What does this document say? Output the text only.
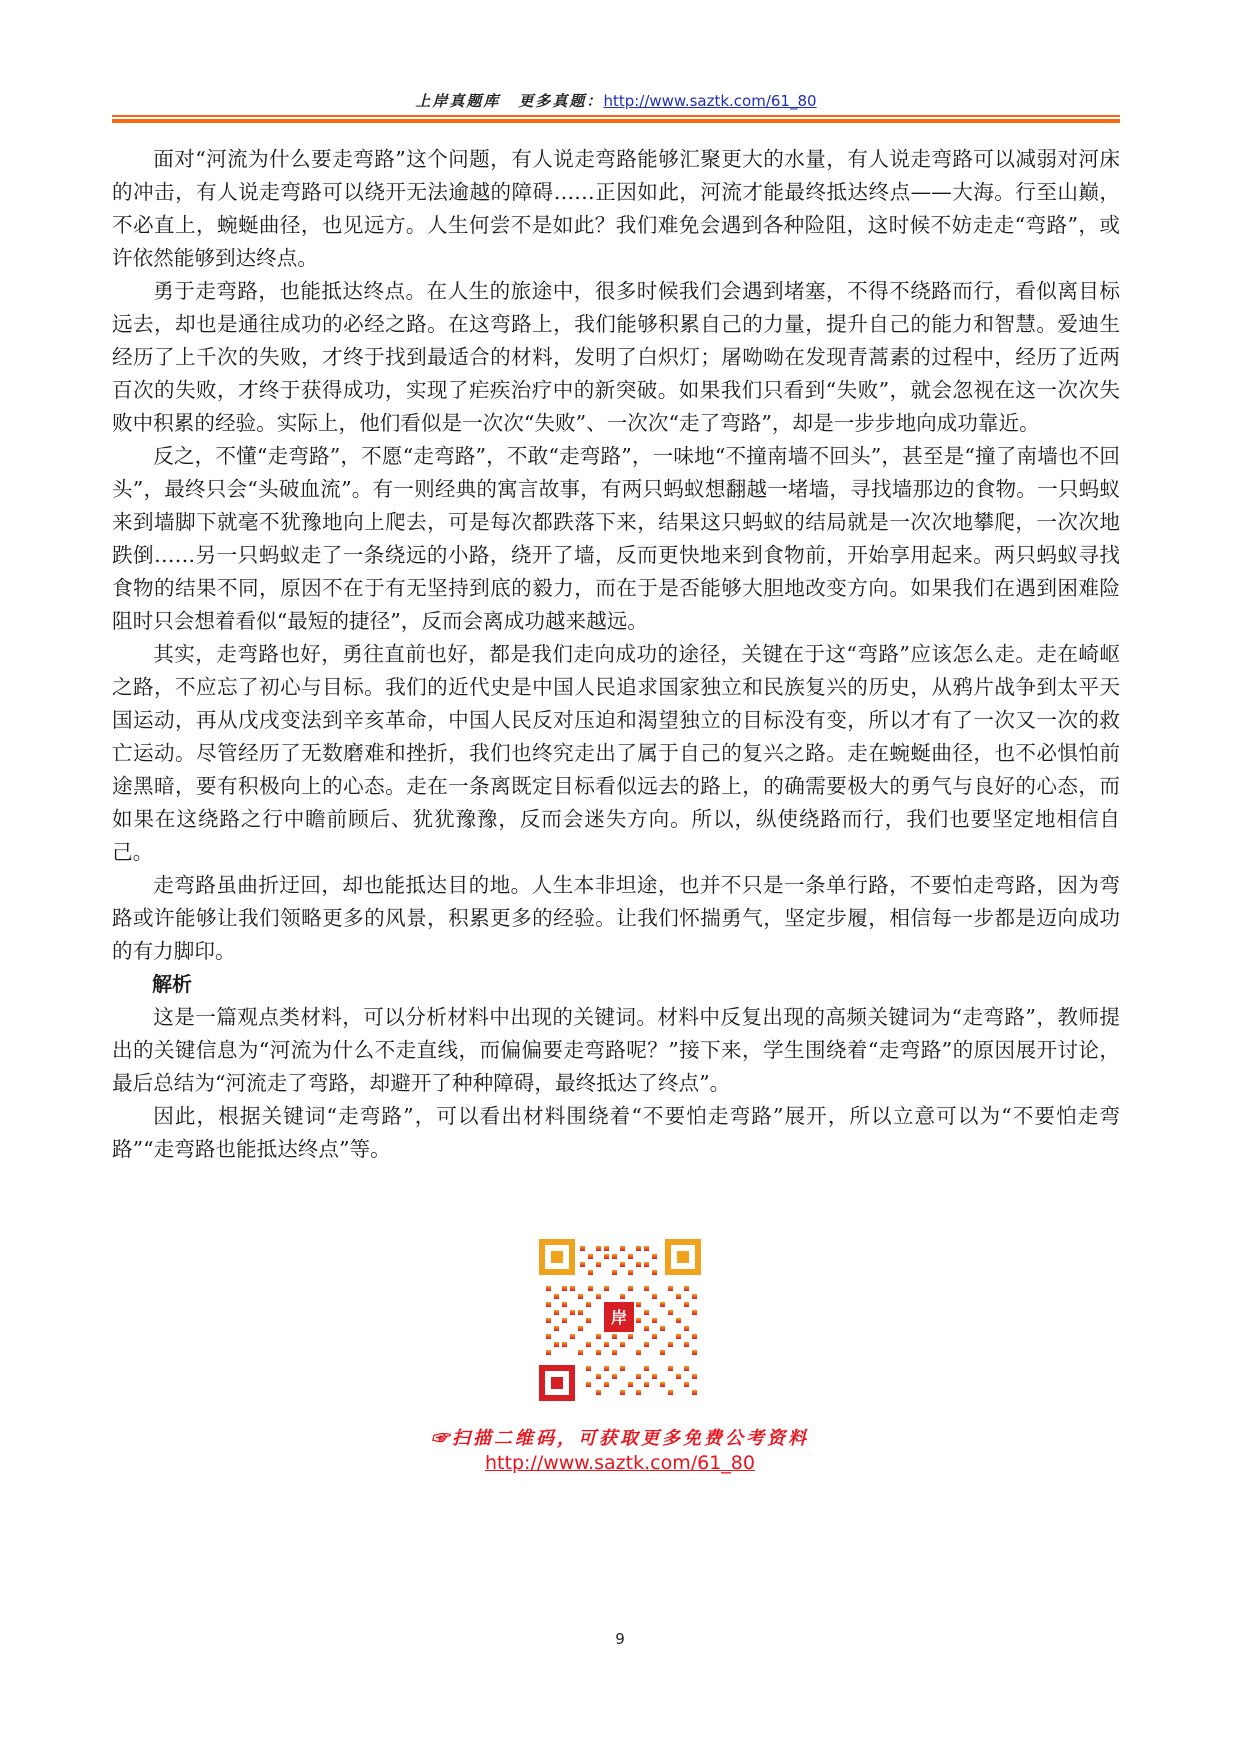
上岸真题库 更多真题：http://www.saztk.com/61_80

面对“河流为什么要走弯路”这个问题，有人说走弯路能够汇聚更大的水量，有人说走弯路可以减弱对河床的冲击，有人说走弯路可以绕开无法逾越的障碍……正因如此，河流才能最终抵达终点——大海。行至山巅，不必直上，蜿蜒曲径，也见远方。人生何尝不是如此？我们难免会遇到各种险阻，这时候不妨走走“弯路”，或许依然能够到达终点。

勇于走弯路，也能抵达终点。在人生的旅途中，很多时候我们会遇到堵塞，不得不绕路而行，看似离目标远去，却也是通往成功的必经之路。在这弯路上，我们能够积累自己的力量，提升自己的能力和智慧。爱迪生经历了上千次的失败，才终于找到最适合的材料，发明了白炽灯；屠呦呦在发现青蒿素的过程中，经历了近两百次的失败，才终于获得成功，实现了疟疾治疗中的新突破。如果我们只看到“失败”，就会忽视在这一次次失败中积累的经验。实际上，他们看似是一次次“失败”、一次次“走了弯路”，却是一步步地向成功靠近。

反之，不懂“走弯路”，不愿“走弯路”，不敢“走弯路”，一味地“不撞南墙不回头”，甚至是“撞了南墙也不回头”，最终只会“头破血流”。有一则经典的寓言故事，有两只蚂蚁想翻越一堵墙，寻找墙那边的食物。一只蚂蚁来到墙脚下就毫不犹豫地向上爬去，可是每次都跌落下来，结果这只蚂蚁的结局就是一次次地攀爬，一次次地跌倒……另一只蚂蚁走了一条绕远的小路，绕开了墙，反而更快地来到食物前，开始享用起来。两只蚂蚁寻找食物的结果不同，原因不在于有无坚持到底的毅力，而在于是否能够大胆地改变方向。如果我们在遇到困难险阻时只会想着看似“最短的捷径”，反而会离成功越来越远。

其实，走弯路也好，勇往直前也好，都是我们走向成功的途径，关键在于这“弯路”应该怎么走。走在崎岖之路，不应忘了初心与目标。我们的近代史是中国人民追求国家独立和民族复兴的历史，从鸦片战争到太平天国运动，再从戊戌变法到辛亥革命，中国人民反对压迫和渴望独立的目标没有变，所以才有了一次又一次的救亡运动。尽管经历了无数磨难和挫折，我们也终究走出了属于自己的复兴之路。走在蜿蜒曲径，也不必惧怕前途黑暗，要有积极向上的心态。走在一条离既定目标看似远去的路上，的确需要极大的勇气与良好的心态，而如果在这绕路之行中瞻前顾后、犹犹豫豫，反而会迷失方向。所以，纵使绕路而行，我们也要坚定地相信自己。

走弯路虽曲折迂回，却也能抵达目的地。人生本非坦途，也并不只是一条单行路，不要怕走弯路，因为弯路或许能够让我们领略更多的风景，积累更多的经验。让我们怀揣勇气，坚定步履，相信每一步都是迈向成功的有力脚印。

解析

这是一篇观点类材料，可以分析材料中出现的关键词。材料中反复出现的高频关键词为“走弯路”，教师提出的关键信息为“河流为什么不走直线，而偏偏要走弯路呢？”接下来，学生围绕着“走弯路”的原因展开讨论，最后总结为“河流走了弯路，却避开了种种障碍，最终抵达了终点”。

因此，根据关键词“走弯路”，可以看出材料围绕着“不要怕走弯路”展开，所以立意可以为“不要怕走弯路”“走弯路也能抵达终点”等。

岸
☞扫描二维码，可获取更多免费公考资料
http://www.saztk.com/61_80
9
